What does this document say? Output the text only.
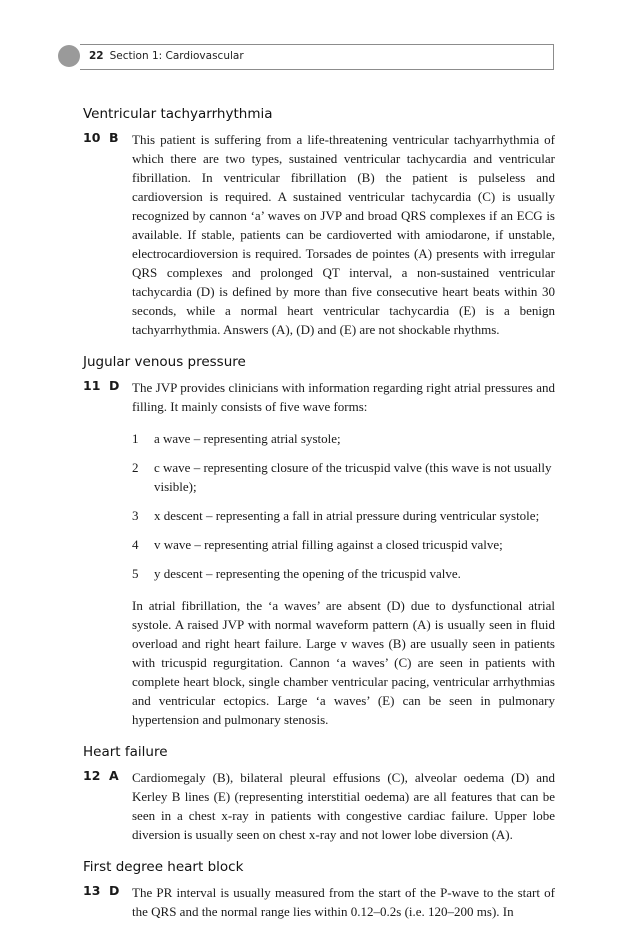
22 Section 1: Cardiovascular
Ventricular tachyarrhythmia
10 B This patient is suffering from a life-threatening ventricular tachyarrhythmia of which there are two types, sustained ventricular tachycardia and ventricular fibrillation. In ventricular fibrillation (B) the patient is pulseless and cardioversion is required. A sustained ventricular tachycardia (C) is usually recognized by cannon ‘a’ waves on JVP and broad QRS complexes if an ECG is available. If stable, patients can be cardioverted with amiodarone, if unstable, electrocardioversion is required. Torsades de pointes (A) presents with irregular QRS complexes and prolonged QT interval, a non-sustained ventricular tachycardia (D) is defined by more than five consecutive heart beats within 30 seconds, while a normal heart ventricular tachycardia (E) is a benign tachyarrhythmia. Answers (A), (D) and (E) are not shockable rhythms.

Jugular venous pressure
11 D The JVP provides clinicians with information regarding right atrial pressures and filling. It mainly consists of five wave forms:

1 a wave – representing atrial systole;
2 c wave – representing closure of the tricuspid valve (this wave is not usually visible);
3 x descent – representing a fall in atrial pressure during ventricular systole;
4 v wave – representing atrial filling against a closed tricuspid valve;
5 y descent – representing the opening of the tricuspid valve.

In atrial fibrillation, the ‘a waves’ are absent (D) due to dysfunctional atrial systole. A raised JVP with normal waveform pattern (A) is usually seen in fluid overload and right heart failure. Large v waves (B) are usually seen in patients with tricuspid regurgitation. Cannon ‘a waves’ (C) are seen in patients with complete heart block, single chamber ventricular pacing, ventricular arrhythmias and ventricular ectopics. Large ‘a waves’ (E) can be seen in pulmonary hypertension and pulmonary stenosis.

Heart failure
12 A Cardiomegaly (B), bilateral pleural effusions (C), alveolar oedema (D) and Kerley B lines (E) (representing interstitial oedema) are all features that can be seen in a chest x-ray in patients with congestive cardiac failure. Upper lobe diversion is usually seen on chest x-ray and not lower lobe diversion (A).

First degree heart block
13 D The PR interval is usually measured from the start of the P-wave to the start of the QRS and the normal range lies within 0.12–0.2s (i.e. 120–200 ms). In
